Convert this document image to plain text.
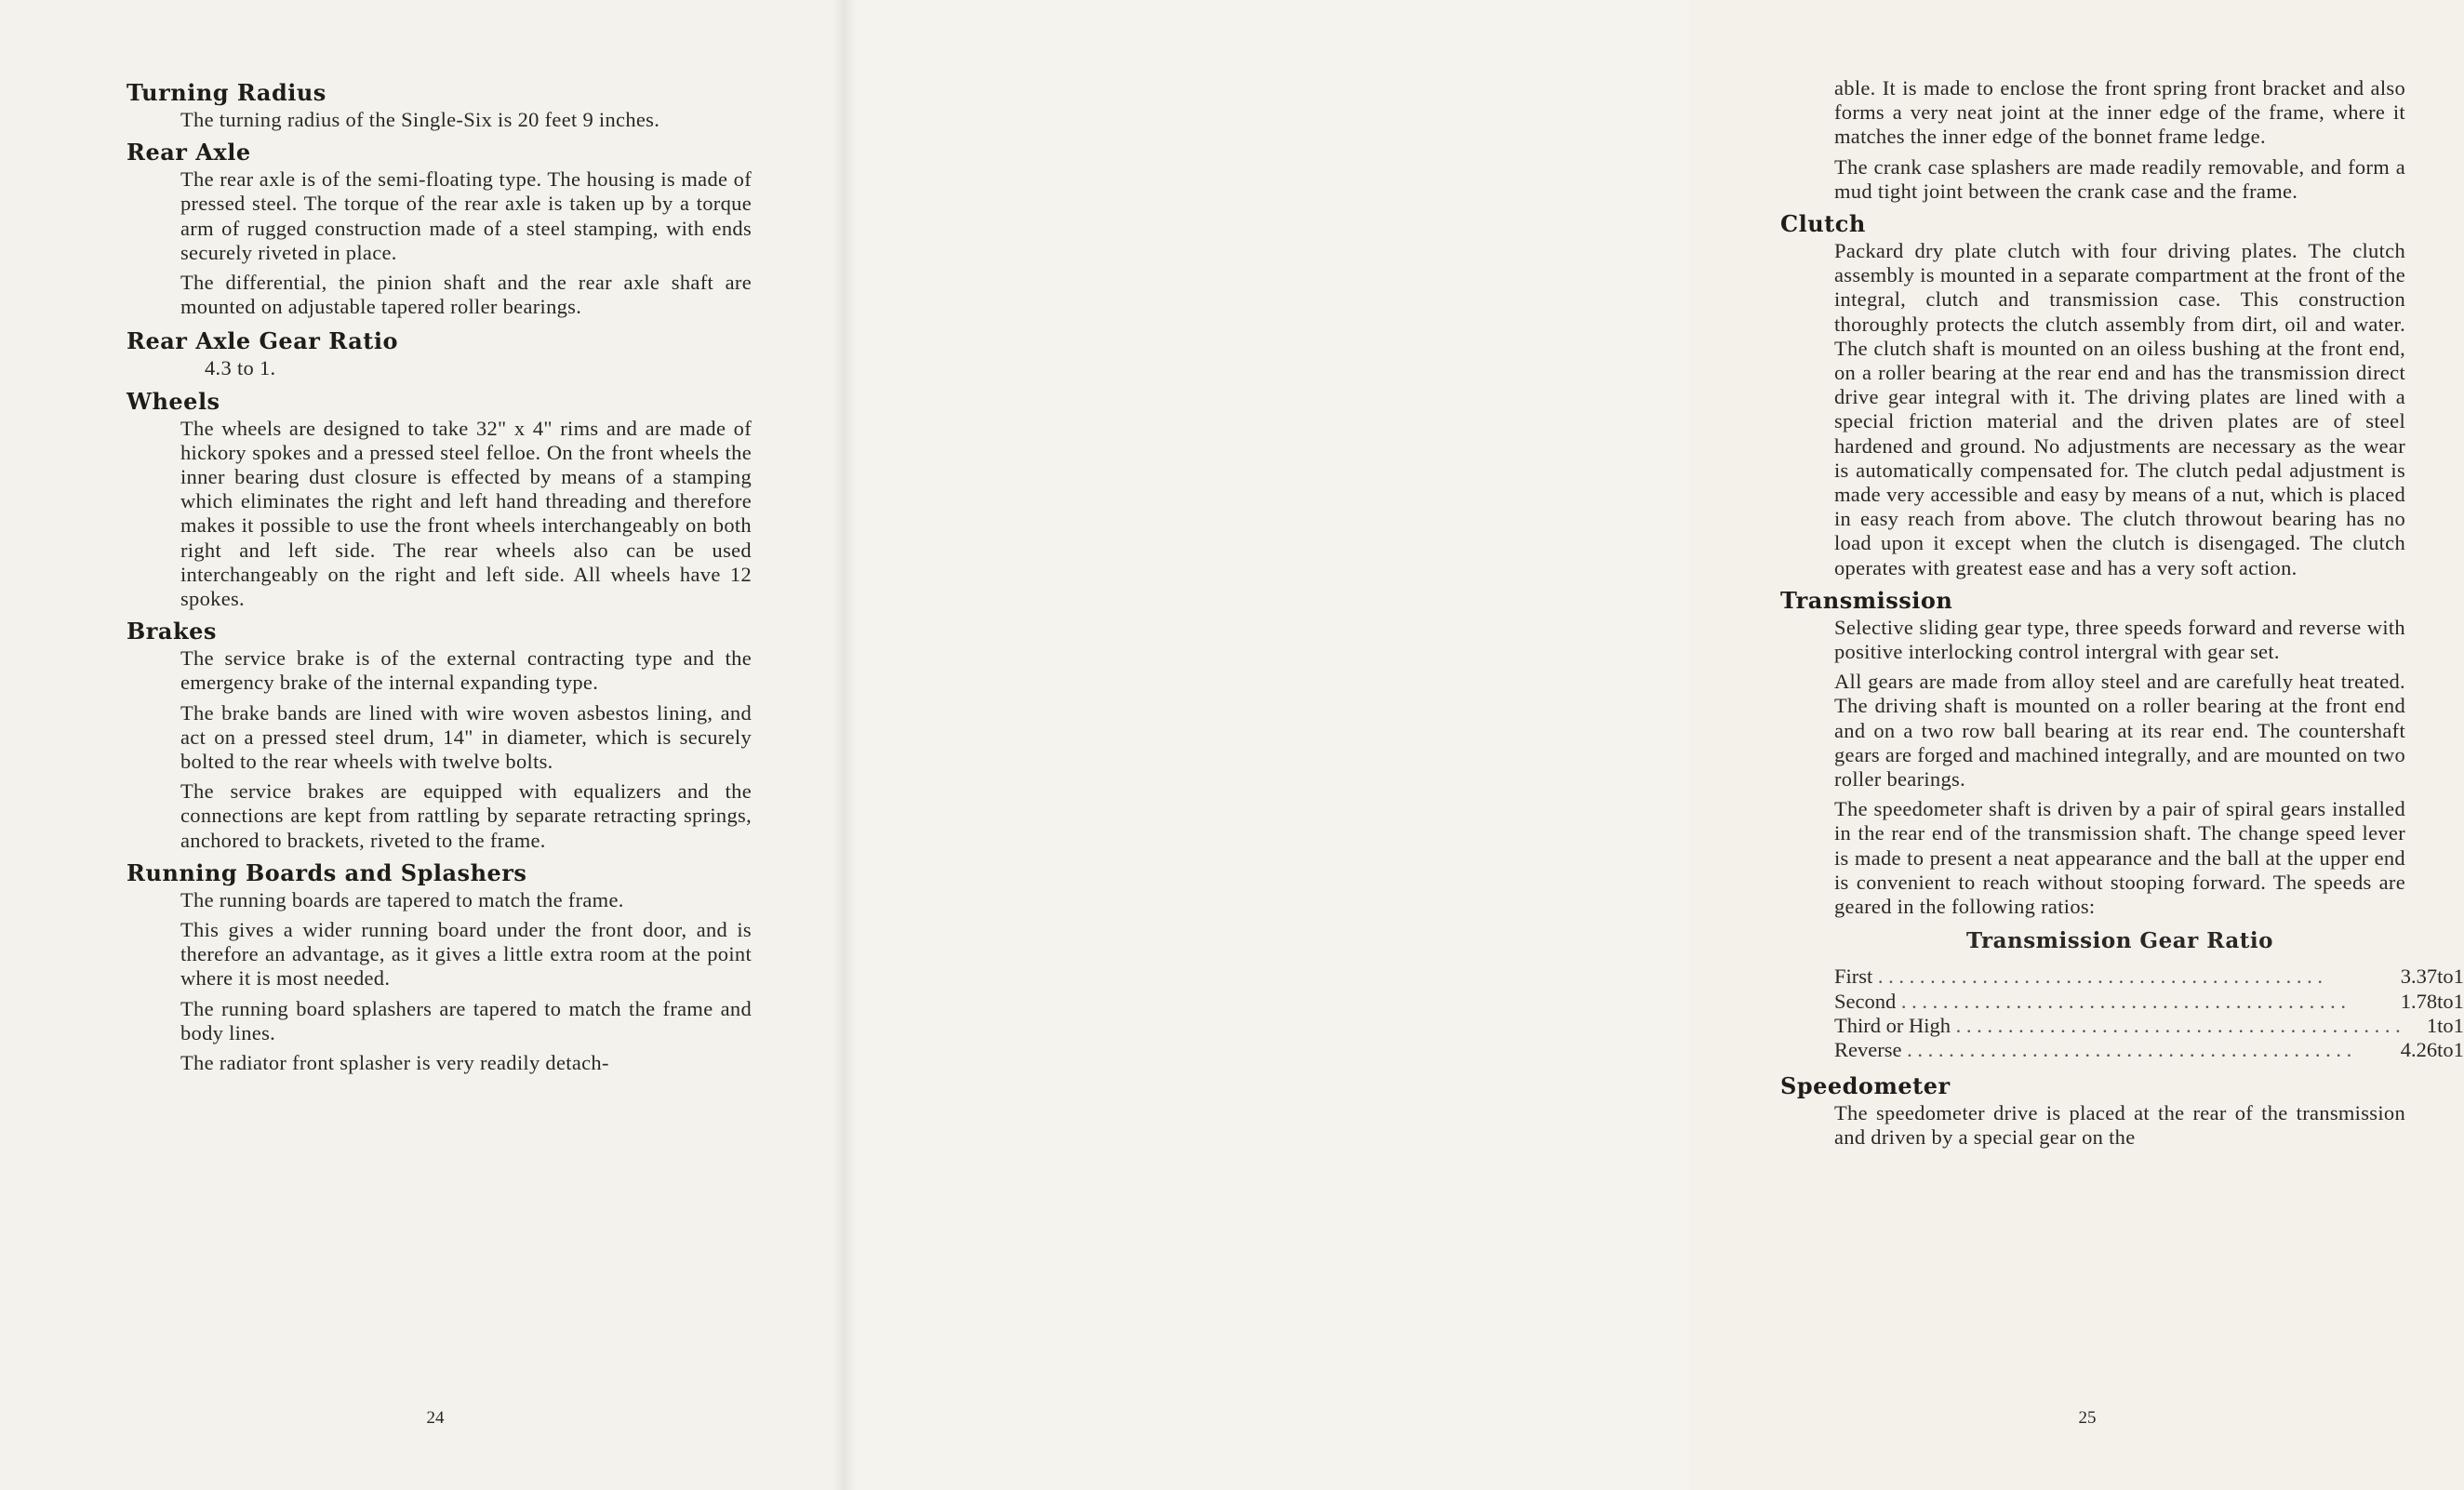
Turning Radius

The turning radius of the Single-Six is 20 feet 9 inches.

Rear Axle

The rear axle is of the semi-floating type. The housing is made of pressed steel. The torque of the rear axle is taken up by a torque arm of rugged construction made of a steel stamping, with ends securely riveted in place.

The differential, the pinion shaft and the rear axle shaft are mounted on adjustable tapered roller bearings.

Rear Axle Gear Ratio

4.3 to 1.

Wheels

The wheels are designed to take 32" x 4" rims and are made of hickory spokes and a pressed steel felloe. On the front wheels the inner bearing dust closure is effected by means of a stamping which eliminates the right and left hand threading and therefore makes it possible to use the front wheels interchangeably on both right and left side. The rear wheels also can be used interchangeably on the right and left side. All wheels have 12 spokes.

Brakes

The service brake is of the external contracting type and the emergency brake of the internal expanding type.

The brake bands are lined with wire woven asbestos lining, and act on a pressed steel drum, 14" in diameter, which is securely bolted to the rear wheels with twelve bolts.

The service brakes are equipped with equalizers and the connections are kept from rattling by separate retracting springs, anchored to brackets, riveted to the frame.

Running Boards and Splashers

The running boards are tapered to match the frame.

This gives a wider running board under the front door, and is therefore an advantage, as it gives a little extra room at the point where it is most needed.

The running board splashers are tapered to match the frame and body lines.

The radiator front splasher is very readily detach-

24

able. It is made to enclose the front spring front bracket and also forms a very neat joint at the inner edge of the frame, where it matches the inner edge of the bonnet frame ledge.

The crank case splashers are made readily removable, and form a mud tight joint between the crank case and the frame.

Clutch

Packard dry plate clutch with four driving plates. The clutch assembly is mounted in a separate compartment at the front of the integral, clutch and transmission case. This construction thoroughly protects the clutch assembly from dirt, oil and water. The clutch shaft is mounted on an oiless bushing at the front end, on a roller bearing at the rear end and has the transmission direct drive gear integral with it. The driving plates are lined with a special friction material and the driven plates are of steel hardened and ground. No adjustments are necessary as the wear is automatically compensated for. The clutch pedal adjustment is made very accessible and easy by means of a nut, which is placed in easy reach from above. The clutch throwout bearing has no load upon it except when the clutch is disengaged. The clutch operates with greatest ease and has a very soft action.

Transmission

Selective sliding gear type, three speeds forward and reverse with positive interlocking control intergral with gear set.

All gears are made from alloy steel and are carefully heat treated. The driving shaft is mounted on a roller bearing at the front end and on a two row ball bearing at its rear end. The countershaft gears are forged and machined integrally, and are mounted on two roller bearings.

The speedometer shaft is driven by a pair of spiral gears installed in the rear end of the transmission shaft. The change speed lever is made to present a neat appearance and the ball at the upper end is convenient to reach without stooping forward. The speeds are geared in the following ratios:

Transmission Gear Ratio
First . . .	3.37	to	1
Second . . .	1.78	to	1
Third or High . . .	1	to	1
Reverse . . .	4.26	to	1
Speedometer

The speedometer drive is placed at the rear of the transmission and driven by a special gear on the

25
